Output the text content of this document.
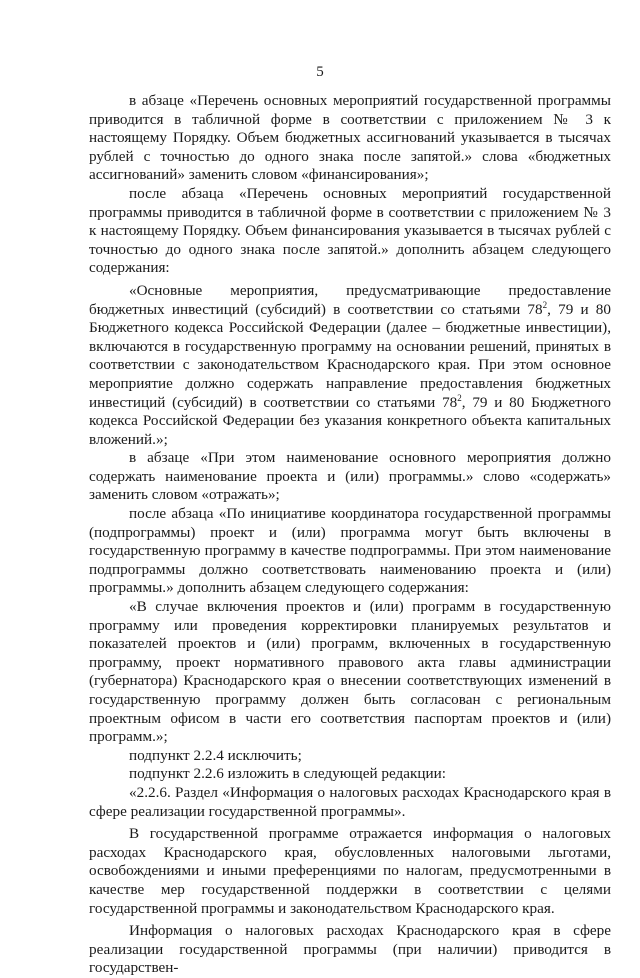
5

в абзаце «Перечень основных мероприятий государственной программы приводится в табличной форме в соответствии с приложением № 3 к настоящему Порядку. Объем бюджетных ассигнований указывается в тысячах рублей с точностью до одного знака после запятой.» слова «бюджетных ассигнований» заменить словом «финансирования»;

после абзаца «Перечень основных мероприятий государственной программы приводится в табличной форме в соответствии с приложением № 3 к настоящему Порядку. Объем финансирования указывается в тысячах рублей с точностью до одного знака после запятой.» дополнить абзацем следующего содержания:

«Основные мероприятия, предусматривающие предоставление бюджетных инвестиций (субсидий) в соответствии со статьями $78^2$, 79 и 80 Бюджетного кодекса Российской Федерации (далее – бюджетные инвестиции), включаются в государственную программу на основании решений, принятых в соответствии с законодательством Краснодарского края. При этом основное мероприятие должно содержать направление предоставления бюджетных инвестиций (субсидий) в соответствии со статьями $78^2$, 79 и 80 Бюджетного кодекса Российской Федерации без указания конкретного объекта капитальных вложений.»;

в абзаце «При этом наименование основного мероприятия должно содержать наименование проекта и (или) программы.» слово «содержать» заменить словом «отражать»;

после абзаца «По инициативе координатора государственной программы (подпрограммы) проект и (или) программа могут быть включены в государственную программу в качестве подпрограммы. При этом наименование подпрограммы должно соответствовать наименованию проекта и (или) программы.» дополнить абзацем следующего содержания:

«В случае включения проектов и (или) программ в государственную программу или проведения корректировки планируемых результатов и показателей проектов и (или) программ, включенных в государственную программу, проект нормативного правового акта главы администрации (губернатора) Краснодарского края о внесении соответствующих изменений в государственную программу должен быть согласован с региональным проектным офисом в части его соответствия паспортам проектов и (или) программ.»;

подпункт 2.2.4 исключить;

подпункт 2.2.6 изложить в следующей редакции:

«2.2.6. Раздел «Информация о налоговых расходах Краснодарского края в сфере реализации государственной программы».

В государственной программе отражается информация о налоговых расходах Краснодарского края, обусловленных налоговыми льготами, освобождениями и иными преференциями по налогам, предусмотренными в качестве мер государственной поддержки в соответствии с целями государственной программы и законодательством Краснодарского края.

Информация о налоговых расходах Краснодарского края в сфере реализации государственной программы (при наличии) приводится в государствен-
